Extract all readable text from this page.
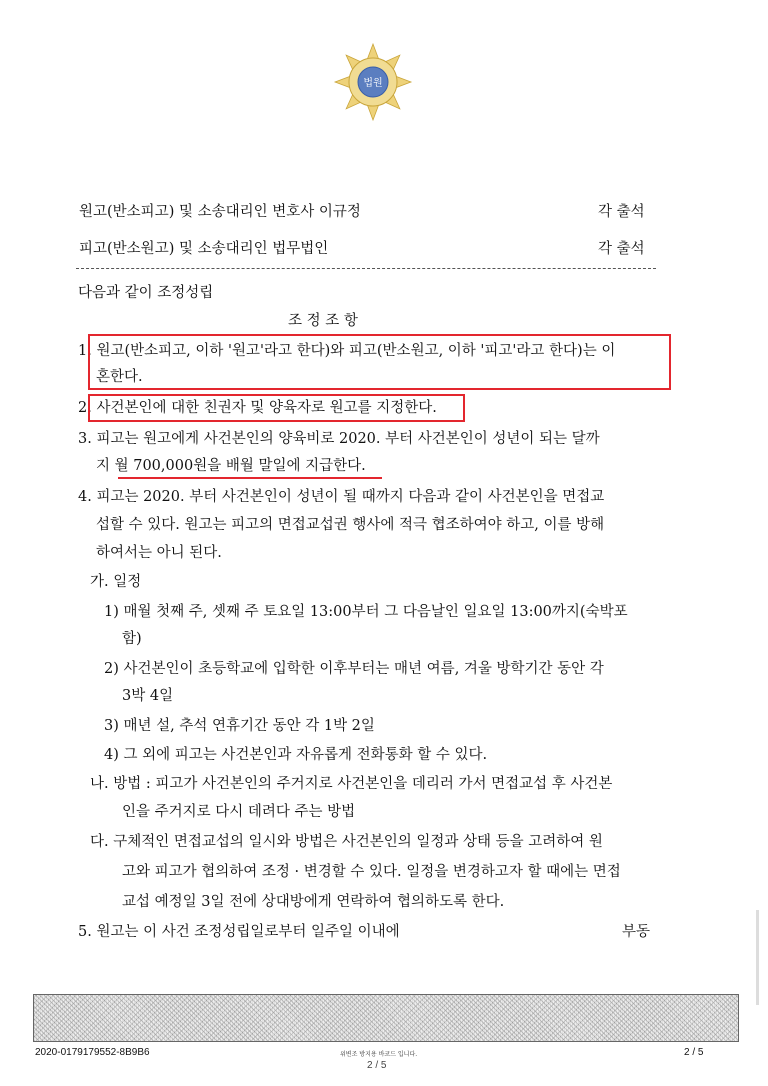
법원
원고(반소피고) 및 소송대리인 변호사 이규정	각 출석
피고(반소원고) 및 소송대리인 법무법인	각 출석
다음과 같이 조정성립
조 정 조 항
1. 원고(반소피고, 이하 '원고'라고 한다)와 피고(반소원고, 이하 '피고'라고 한다)는 이
혼한다.
2. 사건본인에 대한 친권자 및 양육자로 원고를 지정한다.
3. 피고는 원고에게 사건본인의 양육비로 2020. 부터 사건본인이 성년이 되는 달까
지 월 700,000원을 배월 말일에 지급한다.
4. 피고는 2020. 부터 사건본인이 성년이 될 때까지 다음과 같이 사건본인을 면접교
섭할 수 있다. 원고는 피고의 면접교섭권 행사에 적극 협조하여야 하고, 이를 방해
하여서는 아니 된다.
가. 일정
1) 매월 첫째 주, 셋째 주 토요일 13:00부터 그 다음날인 일요일 13:00까지(숙박포
함)
2) 사건본인이 초등학교에 입학한 이후부터는 매년 여름, 겨울 방학기간 동안 각
3박 4일
3) 매년 설, 추석 연휴기간 동안 각 1박 2일
4) 그 외에 피고는 사건본인과 자유롭게 전화통화 할 수 있다.
나. 방법 : 피고가 사건본인의 주거지로 사건본인을 데리러 가서 면접교섭 후 사건본
인을 주거지로 다시 데려다 주는 방법
다. 구체적인 면접교섭의 일시와 방법은 사건본인의 일정과 상태 등을 고려하여 원
고와 피고가 협의하여 조정 · 변경할 수 있다. 일정을 변경하고자 할 때에는 면접
교섭 예정일 3일 전에 상대방에게 연락하여 협의하도록 한다.
5. 원고는 이 사건 조정성립일로부터 일주일 이내에	부동
2020-0179179552-8B9B6	위변조 방지용 바코드 입니다.
2 / 5
2 / 5
